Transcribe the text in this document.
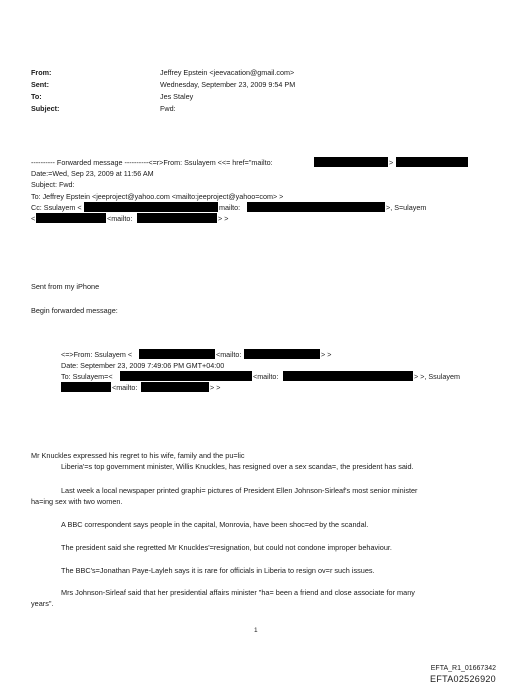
From:	Jeffrey Epstein <jeevacation@gmail.com>
Sent:	Wednesday, September 23, 2009 9:54 PM
To:	Jes Staley
Subject:	Fwd:
---------- Forwarded message ----------<=r>From: Ssulayem <<= href="mailto:	>
Date:=Wed, Sep 23, 2009 at 11:56 AM
Subject: Fwd:
To: Jeffrey Epstein <jeeproject@yahoo.com <mailto:jeeproject@yahoo=com> >
Cc: Ssulayem <	mailto:	>, S=ulayem
<	<mailto:	> >
Sent from my iPhone
Begin forwarded message:
<=>From: Ssulayem <	<mailto:	> >
Date: September 23, 2009 7:49:06 PM GMT+04:00
To: Ssulayem=<	<mailto:	> >, Ssulayem
<mailto:	> >
Mr Knuckles expressed his regret to his wife, family and the pu=lic
Liberia'=s top government minister, Willis Knuckles, has resigned over a sex scanda=, the president has said.
Last week a local newspaper printed graphi= pictures of President Ellen Johnson-Sirleaf's most senior minister
ha=ing sex with two women.
A BBC correspondent says people in the capital, Monrovia, have been shoc=ed by the scandal.
The president said she regretted Mr Knuckles'=resignation, but could not condone improper behaviour.
The BBC's=Jonathan Paye-Layleh says it is rare for officials in Liberia to resign ov=r such issues.
Mrs Johnson-Sirleaf said that her presidential affairs minister "ha= been a friend and close associate for many
years".
1
EFTA_R1_01667342
EFTA02526920
